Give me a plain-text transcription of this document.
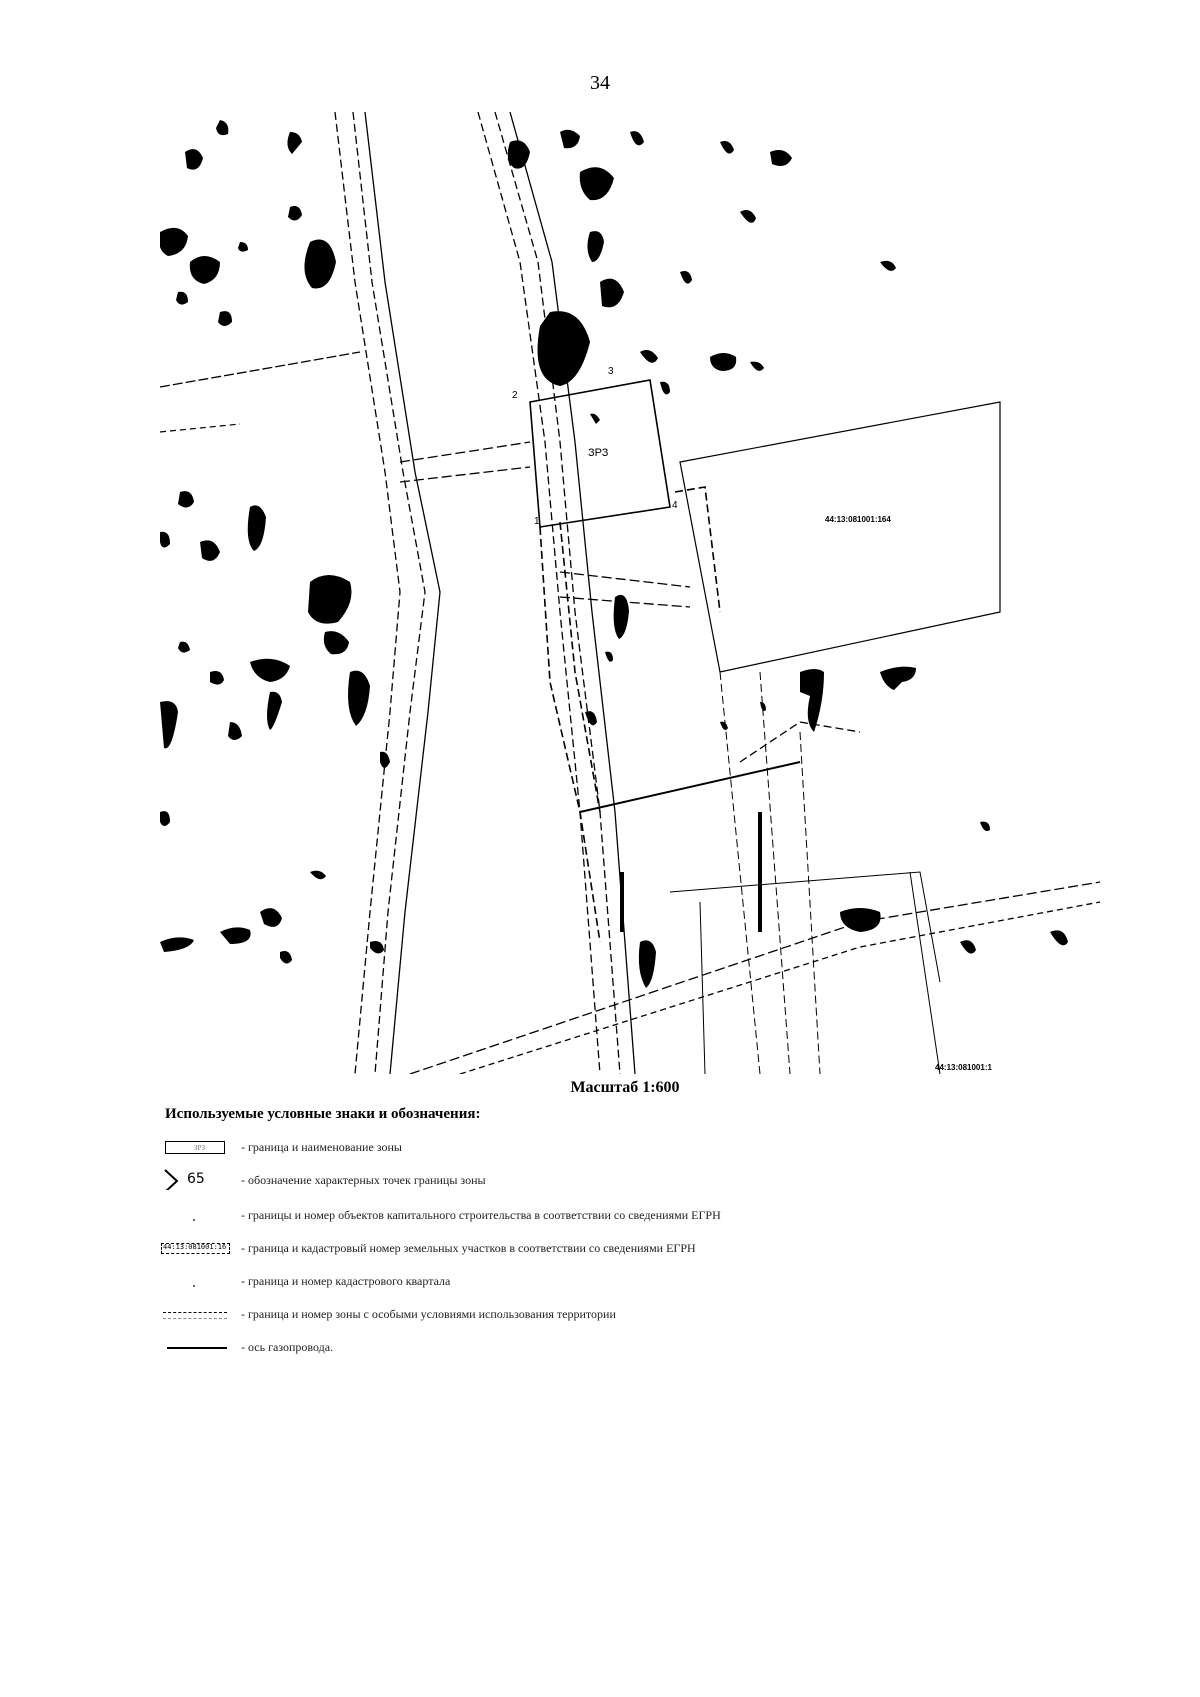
34
44:13:081001:164
44:13:081001:1
ЗРЗ
1
2
3
4
Масштаб 1:600
Используемые условные знаки и обозначения:
ЗРЗ	- граница и наименование зоны
65	- обозначение характерных точек границы зоны
- границы и номер объектов капитального строительства в соответствии со сведениями ЕГРН
44:13:081001:16 - граница и кадастровый номер земельных участков в соответствии со сведениями ЕГРН
- граница и номер кадастрового квартала
- граница и номер зоны с особыми условиями использования территории
- ось газопровода.
